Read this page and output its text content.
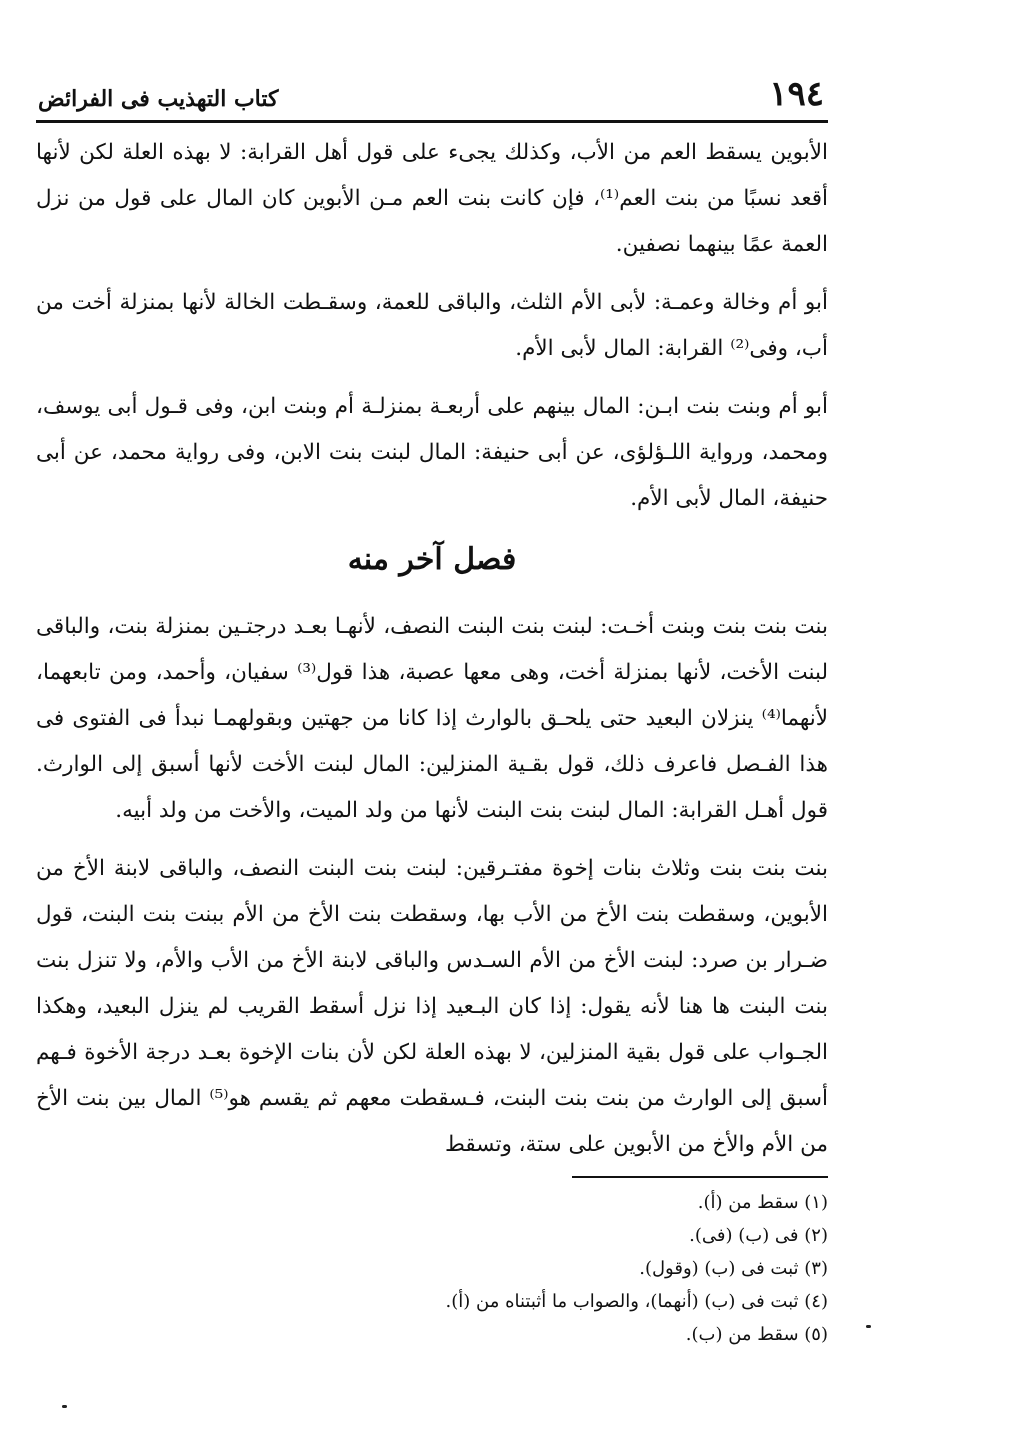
١٩٤
كتاب التهذيب فى الفرائض

الأبوين يسقط العم من الأب، وكذلك يجىء على قول أهل القرابة: لا بهذه العلة لكن لأنها أقعد نسبًا من بنت العم⁽¹⁾، فإن كانت بنت العم مـن الأبوين كان المال على قول من نزل العمة عمًا بينهما نصفين.

أبو أم وخالة وعمـة: لأبى الأم الثلث، والباقى للعمة، وسقـطت الخالة لأنها بمنزلة أخت من أب، وفى⁽²⁾ القرابة: المال لأبى الأم.

أبو أم وبنت بنت ابـن: المال بينهم على أربعـة بمنزلـة أم وبنت ابن، وفى قـول أبى يوسف، ومحمد، ورواية اللـؤلؤى، عن أبى حنيفة: المال لبنت بنت الابن، وفى رواية محمد، عن أبى حنيفة، المال لأبى الأم.

فصل آخر منه

بنت بنت بنت وبنت أخـت: لبنت بنت البنت النصف، لأنهـا بعـد درجتـين بمنزلة بنت، والباقى لبنت الأخت، لأنها بمنزلة أخت، وهى معها عصبة، هذا قول⁽³⁾ سفيان، وأحمد، ومن تابعهما، لأنهما⁽⁴⁾ ينزلان البعيد حتى يلحـق بالوارث إذا كانا من جهتين وبقولهمـا نبدأ فى الفتوى فى هذا الفـصل فاعرف ذلك، قول بقـية المنزلين: المال لبنت الأخت لأنها أسبق إلى الوارث. قول أهـل القرابة: المال لبنت بنت البنت لأنها من ولد الميت، والأخت من ولد أبيه.

بنت بنت بنت وثلاث بنات إخوة مفتـرقين: لبنت بنت البنت النصف، والباقى لابنة الأخ من الأبوين، وسقطت بنت الأخ من الأب بها، وسقطت بنت الأخ من الأم ببنت بنت البنت، قول ضـرار بن صرد: لبنت الأخ من الأم السـدس والباقى لابنة الأخ من الأب والأم، ولا تنزل بنت بنت البنت ها هنا لأنه يقول: إذا كان البـعيد إذا نزل أسقط القريب لم ينزل البعيد، وهكذا الجـواب على قول بقية المنزلين، لا بهذه العلة لكن لأن بنات الإخوة بعـد درجة الأخوة فـهم أسبق إلى الوارث من بنت بنت البنت، فـسقطت معهم ثم يقسم هو⁽⁵⁾ المال بين بنت الأخ من الأم والأخ من الأبوين على ستة، وتسقط

(١) سقط من (أ).
(٢) فى (ب) (فى).
(٣) ثبت فى (ب) (وقول).
(٤) ثبت فى (ب) (أنهما)، والصواب ما أثبتناه من (أ).
(٥) سقط من (ب).
